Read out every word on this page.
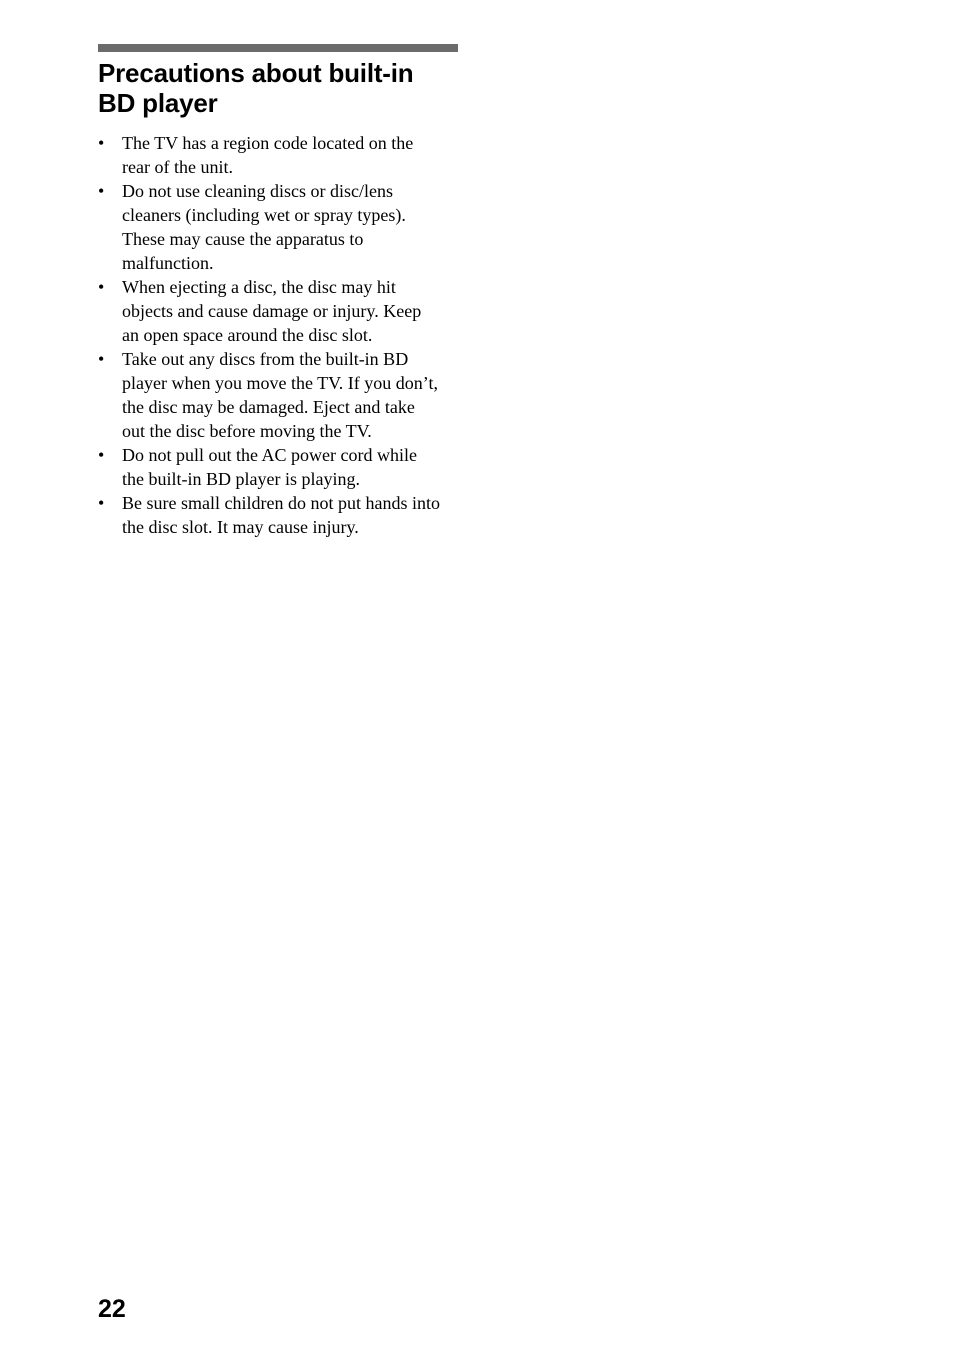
Precautions about built-in
BD player
• The TV has a region code located on the
rear of the unit.
• Do not use cleaning discs or disc/lens
cleaners (including wet or spray types).
These may cause the apparatus to
malfunction.
• When ejecting a disc, the disc may hit
objects and cause damage or injury. Keep
an open space around the disc slot.
• Take out any discs from the built-in BD
player when you move the TV. If you don’t,
the disc may be damaged. Eject and take
out the disc before moving the TV.
• Do not pull out the AC power cord while
the built-in BD player is playing.
• Be sure small children do not put hands into
the disc slot. It may cause injury.
22
